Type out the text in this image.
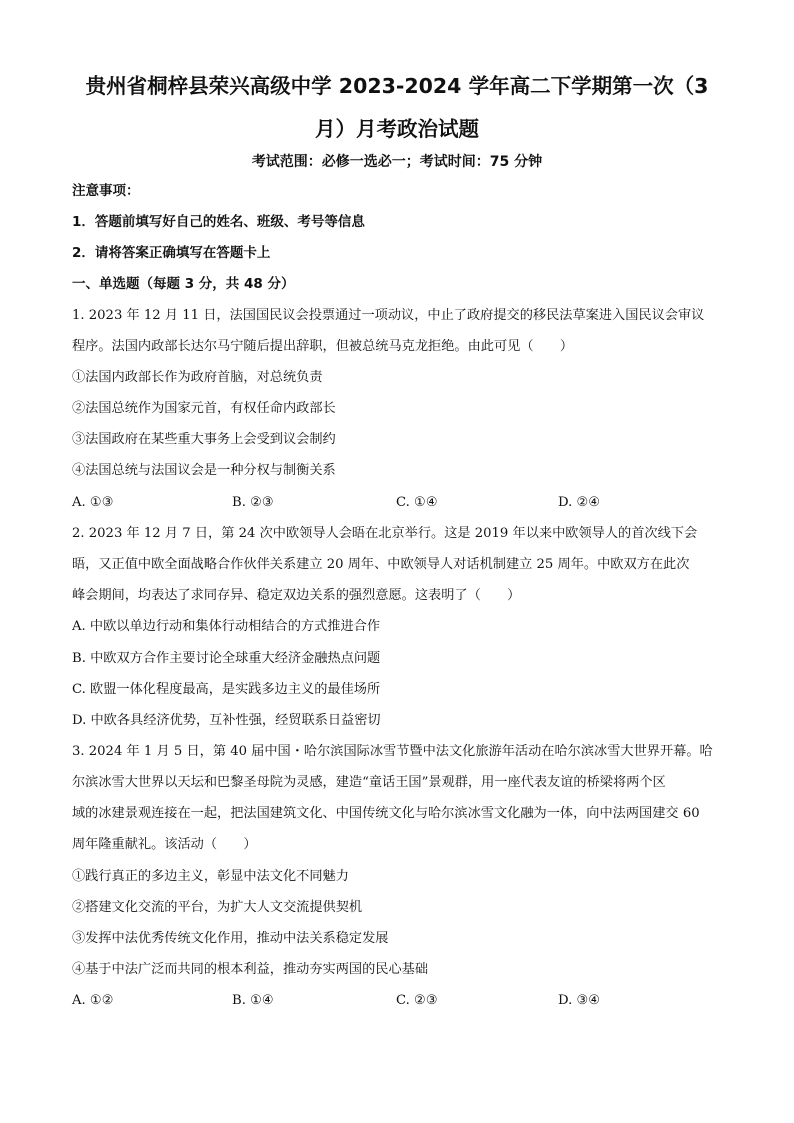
贵州省桐梓县荣兴高级中学 2023-2024 学年高二下学期第一次（3
月）月考政治试题
考试范围：必修一选必一；考试时间：75 分钟
注意事项：
1．答题前填写好自己的姓名、班级、考号等信息
2．请将答案正确填写在答题卡上
一、单选题（每题 3 分，共 48 分）
1. 2023 年 12 月 11 日，法国国民议会投票通过一项动议，中止了政府提交的移民法草案进入国民议会审议
程序。法国内政部长达尔马宁随后提出辞职，但被总统马克龙拒绝。由此可见（　　）
①法国内政部长作为政府首脑，对总统负责
②法国总统作为国家元首，有权任命内政部长
③法国政府在某些重大事务上会受到议会制约
④法国总统与法国议会是一种分权与制衡关系
A. ①③	B. ②③	C. ①④	D. ②④
2. 2023 年 12 月 7 日，第 24 次中欧领导人会晤在北京举行。这是 2019 年以来中欧领导人的首次线下会
晤，又正值中欧全面战略合作伙伴关系建立 20 周年、中欧领导人对话机制建立 25 周年。中欧双方在此次
峰会期间，均表达了求同存异、稳定双边关系的强烈意愿。这表明了（　　）
A. 中欧以单边行动和集体行动相结合的方式推进合作
B. 中欧双方合作主要讨论全球重大经济金融热点问题
C. 欧盟一体化程度最高，是实践多边主义的最佳场所
D. 中欧各具经济优势，互补性强，经贸联系日益密切
3. 2024 年 1 月 5 日，第 40 届中国・哈尔滨国际冰雪节暨中法文化旅游年活动在哈尔滨冰雪大世界开幕。哈
尔滨冰雪大世界以天坛和巴黎圣母院为灵感，建造“童话王国”景观群，用一座代表友谊的桥梁将两个区
域的冰建景观连接在一起，把法国建筑文化、中国传统文化与哈尔滨冰雪文化融为一体，向中法两国建交 60
周年隆重献礼。该活动（　　）
①践行真正的多边主义，彰显中法文化不同魅力
②搭建文化交流的平台，为扩大人文交流提供契机
③发挥中法优秀传统文化作用，推动中法关系稳定发展
④基于中法广泛而共同的根本利益，推动夯实两国的民心基础
A. ①②	B. ①④	C. ②③	D. ③④
